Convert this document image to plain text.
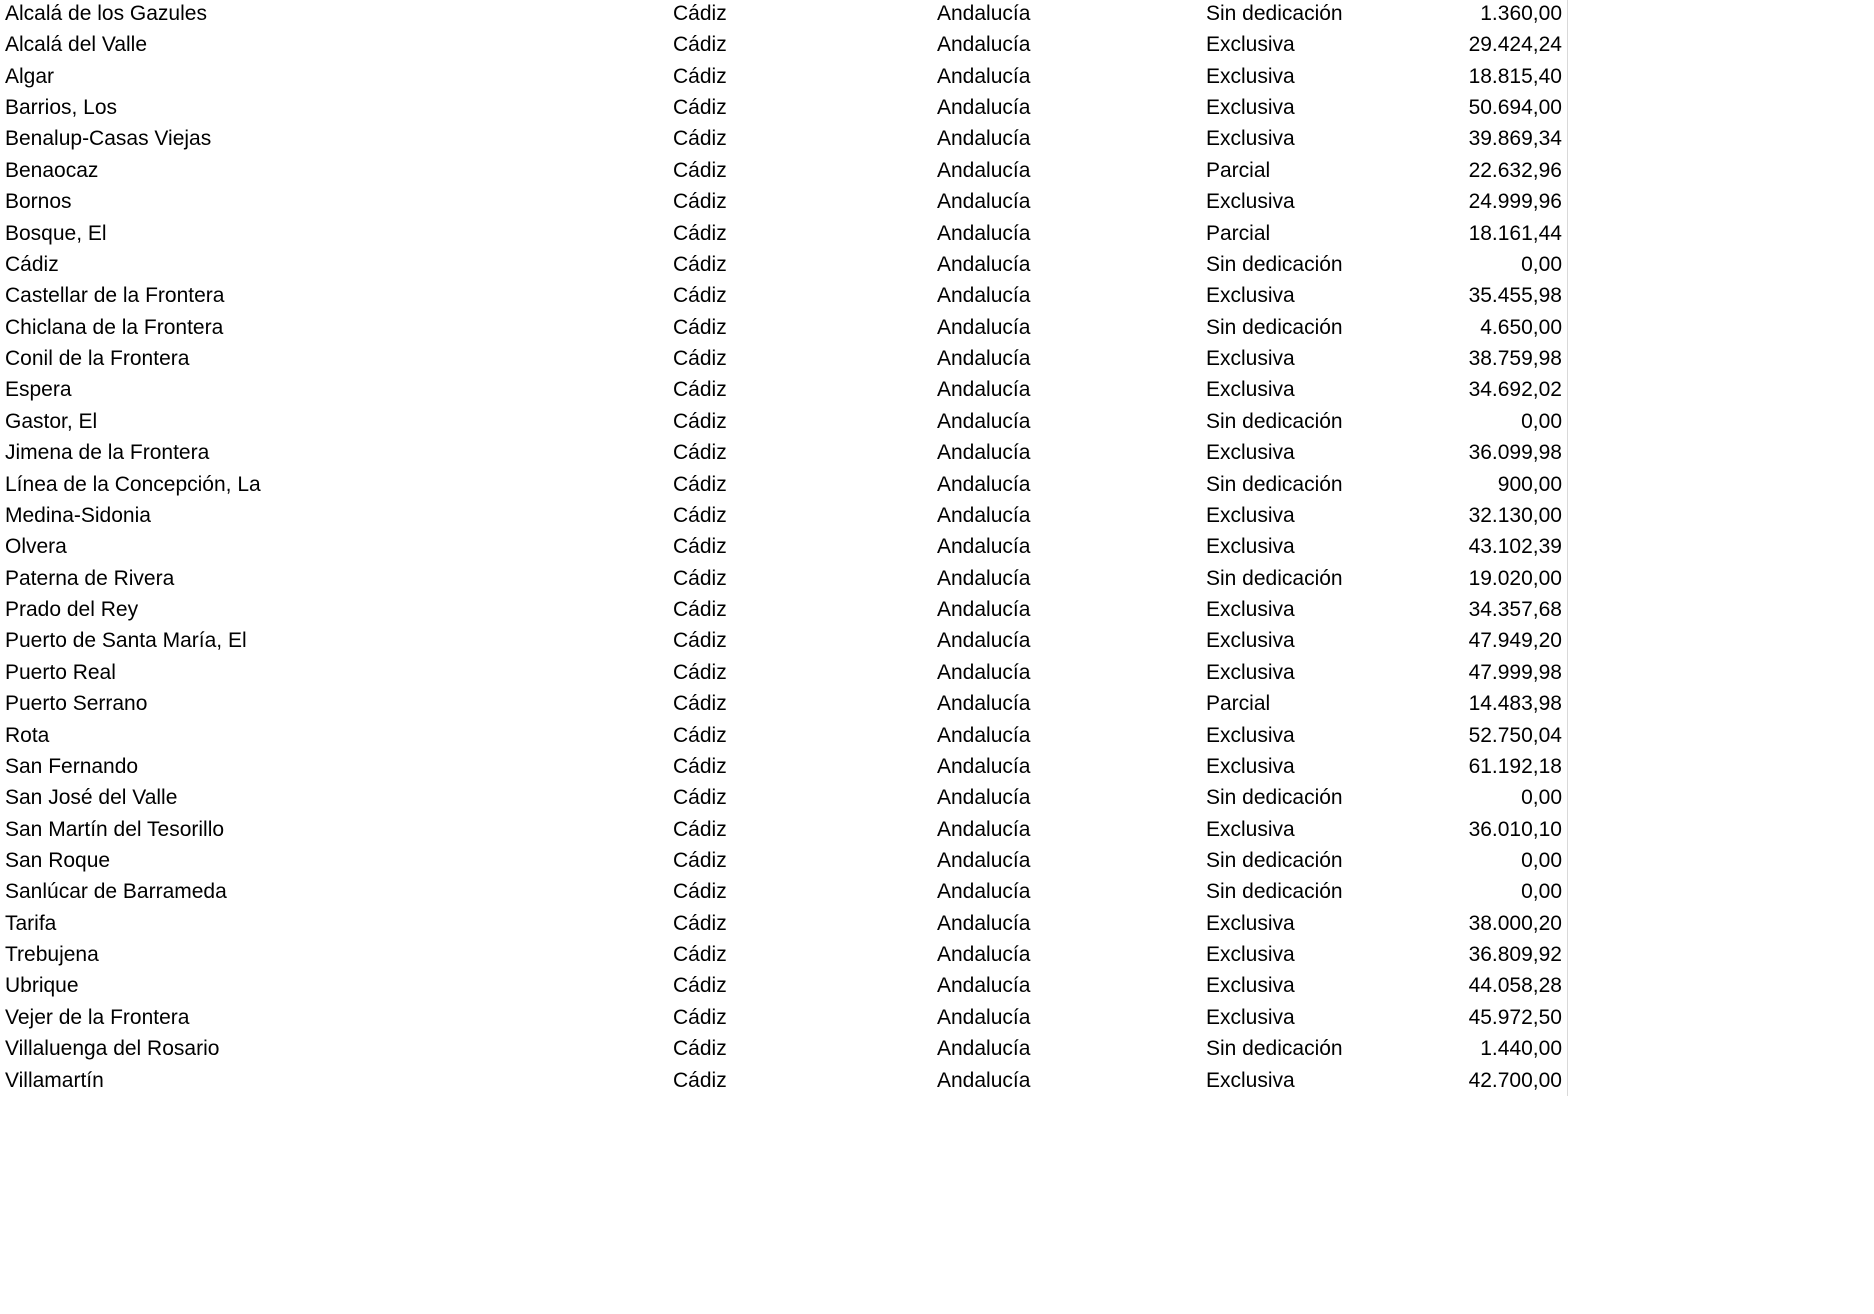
Alcalá de los Gazules	Cádiz	Andalucía	Sin dedicación	1.360,00
Alcalá del Valle	Cádiz	Andalucía	Exclusiva	29.424,24
Algar	Cádiz	Andalucía	Exclusiva	18.815,40
Barrios, Los	Cádiz	Andalucía	Exclusiva	50.694,00
Benalup-Casas Viejas	Cádiz	Andalucía	Exclusiva	39.869,34
Benaocaz	Cádiz	Andalucía	Parcial	22.632,96
Bornos	Cádiz	Andalucía	Exclusiva	24.999,96
Bosque, El	Cádiz	Andalucía	Parcial	18.161,44
Cádiz	Cádiz	Andalucía	Sin dedicación	0,00
Castellar de la Frontera	Cádiz	Andalucía	Exclusiva	35.455,98
Chiclana de la Frontera	Cádiz	Andalucía	Sin dedicación	4.650,00
Conil de la Frontera	Cádiz	Andalucía	Exclusiva	38.759,98
Espera	Cádiz	Andalucía	Exclusiva	34.692,02
Gastor, El	Cádiz	Andalucía	Sin dedicación	0,00
Jimena de la Frontera	Cádiz	Andalucía	Exclusiva	36.099,98
Línea de la Concepción, La	Cádiz	Andalucía	Sin dedicación	900,00
Medina-Sidonia	Cádiz	Andalucía	Exclusiva	32.130,00
Olvera	Cádiz	Andalucía	Exclusiva	43.102,39
Paterna de Rivera	Cádiz	Andalucía	Sin dedicación	19.020,00
Prado del Rey	Cádiz	Andalucía	Exclusiva	34.357,68
Puerto de Santa María, El	Cádiz	Andalucía	Exclusiva	47.949,20
Puerto Real	Cádiz	Andalucía	Exclusiva	47.999,98
Puerto Serrano	Cádiz	Andalucía	Parcial	14.483,98
Rota	Cádiz	Andalucía	Exclusiva	52.750,04
San Fernando	Cádiz	Andalucía	Exclusiva	61.192,18
San José del Valle	Cádiz	Andalucía	Sin dedicación	0,00
San Martín del Tesorillo	Cádiz	Andalucía	Exclusiva	36.010,10
San Roque	Cádiz	Andalucía	Sin dedicación	0,00
Sanlúcar de Barrameda	Cádiz	Andalucía	Sin dedicación	0,00
Tarifa	Cádiz	Andalucía	Exclusiva	38.000,20
Trebujena	Cádiz	Andalucía	Exclusiva	36.809,92
Ubrique	Cádiz	Andalucía	Exclusiva	44.058,28
Vejer de la Frontera	Cádiz	Andalucía	Exclusiva	45.972,50
Villaluenga del Rosario	Cádiz	Andalucía	Sin dedicación	1.440,00
Villamartín	Cádiz	Andalucía	Exclusiva	42.700,00
